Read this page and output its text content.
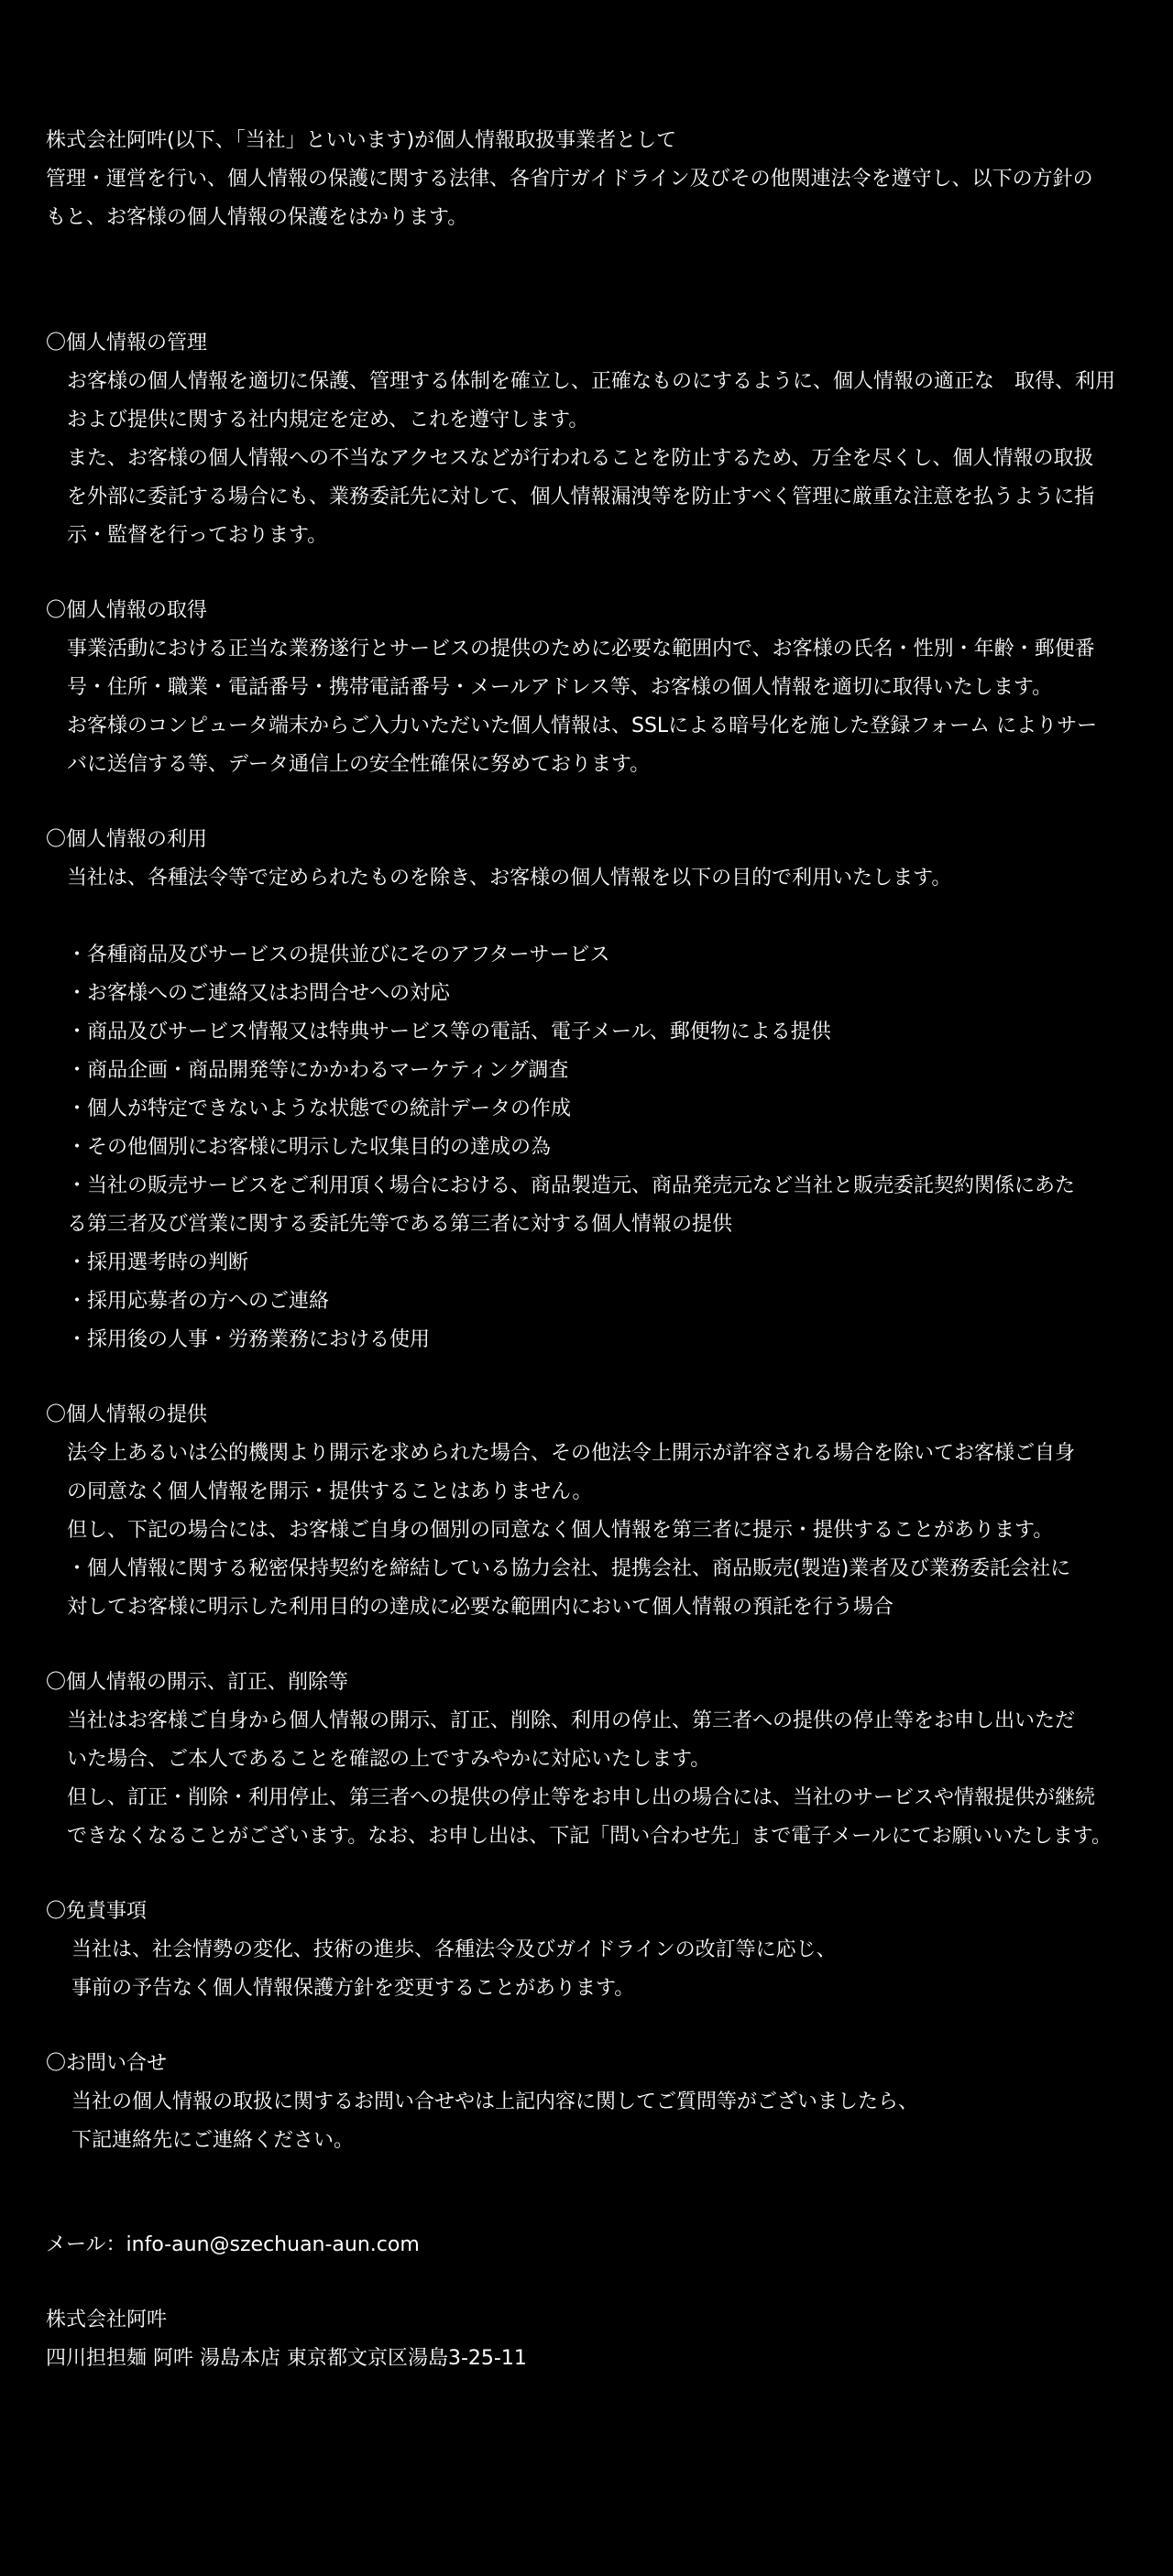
株式会社阿吽(以下、「当社」といいます)が個人情報取扱事業者として
管理・運営を行い、個人情報の保護に関する法律、各省庁ガイドライン及びその他関連法令を遵守し、以下の方針の
もと、お客様の個人情報の保護をはかります。
〇個人情報の管理
お客様の個人情報を適切に保護、管理する体制を確立し、正確なものにするように、個人情報の適正な　取得、利用
および提供に関する社内規定を定め、これを遵守します。
また、お客様の個人情報への不当なアクセスなどが行われることを防止するため、万全を尽くし、個人情報の取扱
を外部に委託する場合にも、業務委託先に対して、個人情報漏洩等を防止すべく管理に厳重な注意を払うように指
示・監督を行っております。
〇個人情報の取得
事業活動における正当な業務遂行とサービスの提供のために必要な範囲内で、お客様の氏名・性別・年齢・郵便番
号・住所・職業・電話番号・携帯電話番号・メールアドレス等、お客様の個人情報を適切に取得いたします。
お客様のコンピュータ端末からご入力いただいた個人情報は、SSLによる暗号化を施した登録フォーム によりサー
バに送信する等、データ通信上の安全性確保に努めております。
〇個人情報の利用
当社は、各種法令等で定められたものを除き、お客様の個人情報を以下の目的で利用いたします。
・各種商品及びサービスの提供並びにそのアフターサービス
・お客様へのご連絡又はお問合せへの対応
・商品及びサービス情報又は特典サービス等の電話、電子メール、郵便物による提供
・商品企画・商品開発等にかかわるマーケティング調査
・個人が特定できないような状態での統計データの作成
・その他個別にお客様に明示した収集目的の達成の為
・当社の販売サービスをご利用頂く場合における、商品製造元、商品発売元など当社と販売委託契約関係にあた
る第三者及び営業に関する委託先等である第三者に対する個人情報の提供
・採用選考時の判断
・採用応募者の方へのご連絡
・採用後の人事・労務業務における使用
〇個人情報の提供
法令上あるいは公的機関より開示を求められた場合、その他法令上開示が許容される場合を除いてお客様ご自身
の同意なく個人情報を開示・提供することはありません。
但し、下記の場合には、お客様ご自身の個別の同意なく個人情報を第三者に提示・提供することがあります。
・個人情報に関する秘密保持契約を締結している協力会社、提携会社、商品販売(製造)業者及び業務委託会社に
対してお客様に明示した利用目的の達成に必要な範囲内において個人情報の預託を行う場合
〇個人情報の開示、訂正、削除等
当社はお客様ご自身から個人情報の開示、訂正、削除、利用の停止、第三者への提供の停止等をお申し出いただ
いた場合、ご本人であることを確認の上ですみやかに対応いたします。
但し、訂正・削除・利用停止、第三者への提供の停止等をお申し出の場合には、当社のサービスや情報提供が継続
できなくなることがございます。なお、お申し出は、下記「問い合わせ先」まで電子メールにてお願いいたします。
〇免責事項
当社は、社会情勢の変化、技術の進歩、各種法令及びガイドラインの改訂等に応じ、
事前の予告なく個人情報保護方針を変更することがあります。
〇お問い合せ
当社の個人情報の取扱に関するお問い合せやは上記内容に関してご質問等がございましたら、
下記連絡先にご連絡ください。
メール：info-aun@szechuan-aun.com
株式会社阿吽
四川担担麺 阿吽 湯島本店 東京都文京区湯島3-25-11
